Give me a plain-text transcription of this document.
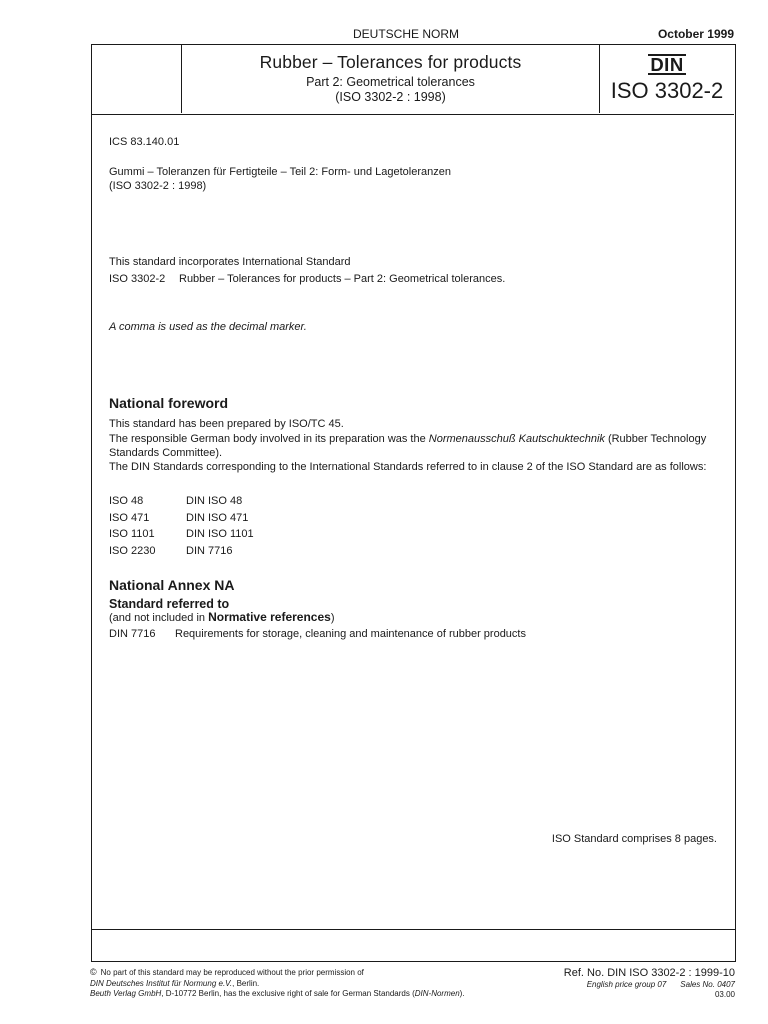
DEUTSCHE NORM	October 1999
Rubber – Tolerances for products
Part 2: Geometrical tolerances
(ISO 3302-2 : 1998)
DIN
ISO 3302-2
ICS 83.140.01
Gummi – Toleranzen für Fertigteile – Teil 2: Form- und Lagetoleranzen
(ISO 3302-2 : 1998)
This standard incorporates International Standard
ISO 3302-2 Rubber – Tolerances for products – Part 2: Geometrical tolerances.
A comma is used as the decimal marker.
National foreword
This standard has been prepared by ISO/TC 45.
The responsible German body involved in its preparation was the Normenausschuß Kautschuktechnik (Rubber Technology Standards Committee).
The DIN Standards corresponding to the International Standards referred to in clause 2 of the ISO Standard are as follows:
ISO 48	DIN ISO 48
ISO 471	DIN ISO 471
ISO 1101	DIN ISO 1101
ISO 2230	DIN 7716
National Annex NA
Standard referred to
(and not included in Normative references)
DIN 7716 Requirements for storage, cleaning and maintenance of rubber products
ISO Standard comprises 8 pages.
© No part of this standard may be reproduced without the prior permission of
DIN Deutsches Institut für Normung e.V., Berlin.
Beuth Verlag GmbH, D-10772 Berlin, has the exclusive right of sale for German Standards (DIN-Normen).
Ref. No. DIN ISO 3302-2 : 1999-10
English price group 07 Sales No. 0407
03.00
